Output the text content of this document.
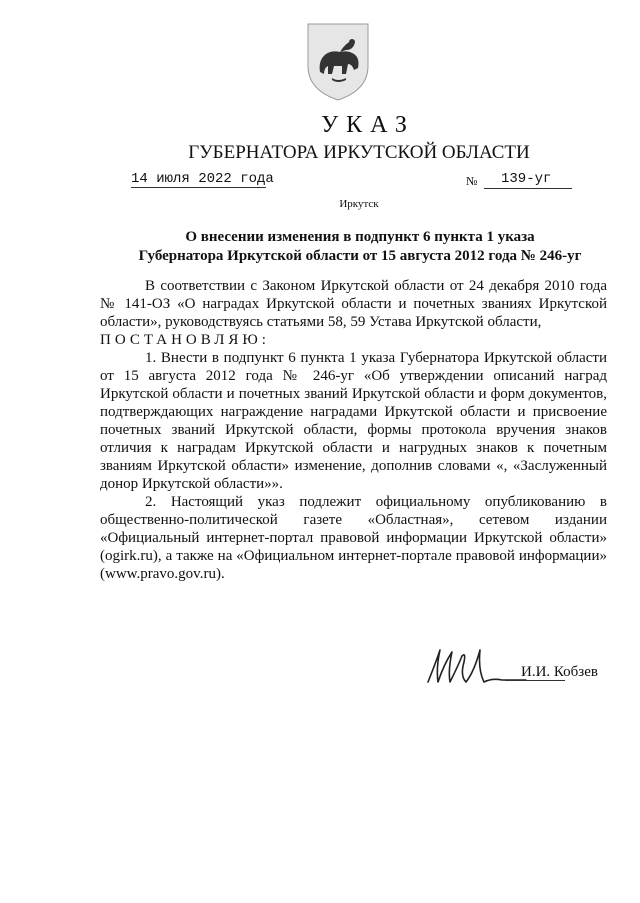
УКАЗ
ГУБЕРНАТОРА ИРКУТСКОЙ ОБЛАСТИ
14 июля 2022 года	№ 139-уг
Иркутск
О внесении изменения в подпункт 6 пункта 1 указа
Губернатора Иркутской области от 15 августа 2012 года № 246-уг

В соответствии с Законом Иркутской области от 24 декабря 2010 года № 141-ОЗ «О наградах Иркутской области и почетных званиях Иркутской области», руководствуясь статьями 58, 59 Устава Иркутской области,

ПОСТАНОВЛЯЮ:

1. Внести в подпункт 6 пункта 1 указа Губернатора Иркутской области от 15 августа 2012 года № 246-уг «Об утверждении описаний наград Иркутской области и почетных званий Иркутской области и форм документов, подтверждающих награждение наградами Иркутской области и присвоение почетных званий Иркутской области, формы протокола вручения знаков отличия к наградам Иркутской области и нагрудных знаков к почетным званиям Иркутской области» изменение, дополнив словами «, «Заслуженный донор Иркутской области»».

2. Настоящий указ подлежит официальному опубликованию в общественно-политической газете «Областная», сетевом издании «Официальный интернет-портал правовой информации Иркутской области» (ogirk.ru), а также на «Официальном интернет-портале правовой информации» (www.pravo.gov.ru).

И.И. Кобзев
